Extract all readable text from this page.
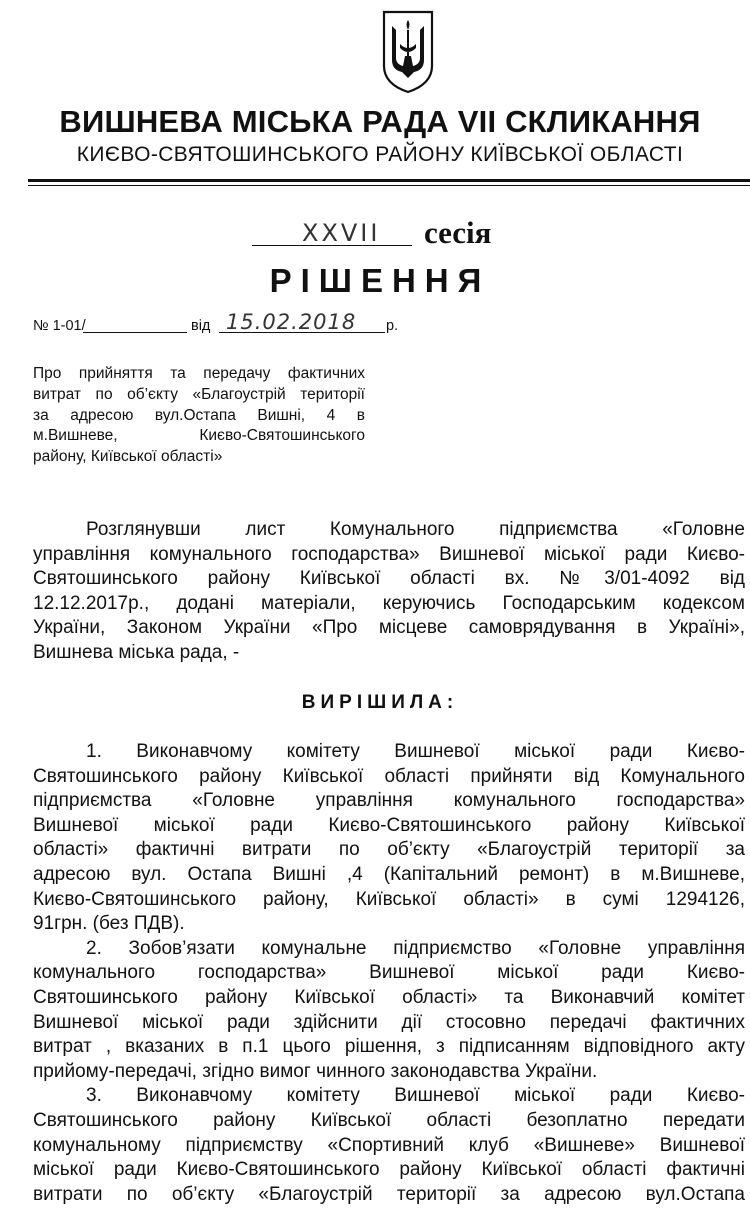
ВИШНЕВА МІСЬКА РАДА VII СКЛИКАННЯ
КИЄВО-СВЯТОШИНСЬКОГО РАЙОНУ КИЇВСЬКОЇ ОБЛАСТІ
XXVII сесія
РІШЕННЯ
№ 1-01/	від 15.02.2018 р.
Про прийняття та передачу фактичних
витрат по об’єкту «Благоустрій території
за адресою вул.Остапа Вишні, 4 в
м.Вишневе, Києво-Святошинського
району, Київської області»
Розглянувши лист Комунального підприємства «Головне
управління комунального господарства» Вишневої міської ради Києво-
Святошинського району Київської області вх. №3/01-4092 від
12.12.2017р., додані матеріали, керуючись Господарським кодексом
України, Законом України «Про місцеве самоврядування в Україні»,
Вишнева міська рада, -
ВИРІШИЛА:
1. Виконавчому комітету Вишневої міської ради Києво-
Святошинського району Київської області прийняти від Комунального
підприємства «Головне управління комунального господарства»
Вишневої міської ради Києво-Святошинського району Київської
області» фактичні витрати по об’єкту «Благоустрій території за
адресою вул. Остапа Вишні ,4 (Капітальний ремонт) в м.Вишневе,
Києво-Святошинського району, Київської області» в сумі 1294126,
91грн. (без ПДВ).
2. Зобов’язати комунальне підприємство «Головне управління
комунального господарства» Вишневої міської ради Києво-
Святошинського району Київської області» та Виконавчий комітет
Вишневої міської ради здійснити дії стосовно передачі фактичних
витрат , вказаних в п.1 цього рішення, з підписанням відповідного акту
прийому-передачі, згідно вимог чинного законодавства України.
3. Виконавчому комітету Вишневої міської ради Києво-
Святошинського району Київської області безоплатно передати
комунальному підприємству «Спортивний клуб «Вишневе» Вишневої
міської ради Києво-Святошинського району Київської області фактичні
витрати по об’єкту «Благоустрій території за адресою вул.Остапа
